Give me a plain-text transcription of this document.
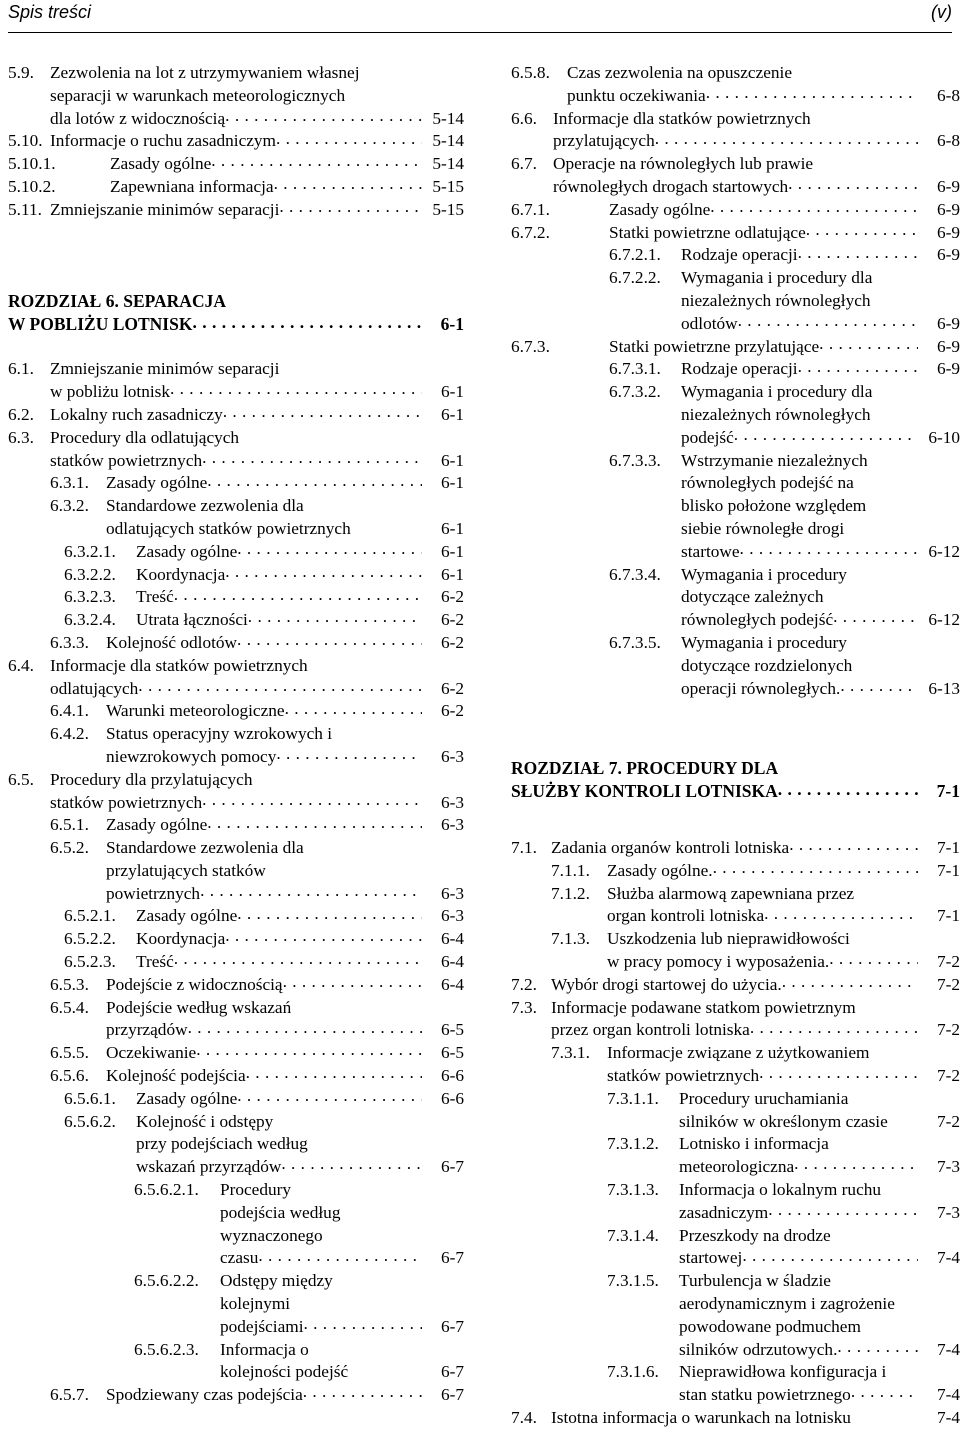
Spis treści	(v)
5.9. Zezwolenia na lot z utrzymywaniem własnej
separacji w warunkach meteorologicznych
dla lotów z widocznością . . .	5-14
5.10. Informacje o ruchu zasadniczym . . .	5-14
5.10.1.	Zasady ogólne . . .	5-14
5.10.2.	Zapewniana informacja . . .	5-15
5.11. Zmniejszanie minimów separacji . . .	5-15
ROZDZIAŁ 6. SEPARACJA
W POBLIŻU LOTNISK . . .	6-1
6.1. Zmniejszanie minimów separacji
w pobliżu lotnisk . . .	6-1
6.2. Lokalny ruch zasadniczy . . .	6-1
6.3. Procedury dla odlatujących
statków powietrznych . . .	6-1
6.3.1. Zasady ogólne . . .	6-1
6.3.2. Standardowe zezwolenia dla
odlatujących statków powietrznych	6-1
6.3.2.1.	Zasady ogólne . . .	6-1
6.3.2.2.	Koordynacja . . .	6-1
6.3.2.3.	Treść . . .	6-2
6.3.2.4.	Utrata łączności . . .	6-2
6.3.3. Kolejność odlotów . . .	6-2
6.4. Informacje dla statków powietrznych
odlatujących . . .	6-2
6.4.1. Warunki meteorologiczne . . .	6-2
6.4.2. Status operacyjny wzrokowych i
niewzrokowych pomocy . . .	6-3
6.5. Procedury dla przylatujących
statków powietrznych . . .	6-3
6.5.1. Zasady ogólne . . .	6-3
6.5.2. Standardowe zezwolenia dla
przylatujących statków
powietrznych . . .	6-3
6.5.2.1.	Zasady ogólne . . .	6-3
6.5.2.2.	Koordynacja . . .	6-4
6.5.2.3.	Treść . . .	6-4
6.5.3. Podejście z widocznością . . .	6-4
6.5.4. Podejście według wskazań
przyrządów . . .	6-5
6.5.5. Oczekiwanie . . .	6-5
6.5.6. Kolejność podejścia . . .	6-6
6.5.6.1.	Zasady ogólne . . .	6-6
6.5.6.2.	Kolejność i odstępy
przy podejściach według
wskazań przyrządów . . .	6-7
6.5.6.2.1.	Procedury
podejścia według
wyznaczonego
czasu . . .	6-7
6.5.6.2.2.	Odstępy między
kolejnymi
podejściami . . .	6-7
6.5.6.2.3.	Informacja o
kolejności podejść	6-7
6.5.7. Spodziewany czas podejścia . . .	6-7
6.5.8. Czas zezwolenia na opuszczenie
punktu oczekiwania . . .	6-8
6.6. Informacje dla statków powietrznych
przylatujących . . .	6-8
6.7. Operacje na równoległych lub prawie
równoległych drogach startowych . . .	6-9
6.7.1.	Zasady ogólne . . .	6-9
6.7.2.	Statki powietrzne odlatujące . . .	6-9
6.7.2.1.	Rodzaje operacji . . .	6-9
6.7.2.2.	Wymagania i procedury dla
niezależnych równoległych
odlotów . . .	6-9
6.7.3.	Statki powietrzne przylatujące . . .	6-9
6.7.3.1.	Rodzaje operacji . . .	6-9
6.7.3.2.	Wymagania i procedury dla
niezależnych równoległych
podejść . . .	6-10
6.7.3.3.	Wstrzymanie niezależnych
równoległych podejść na
blisko położone względem
siebie równoległe drogi
startowe . . .	6-12
6.7.3.4.	Wymagania i procedury
dotyczące zależnych
równoległych podejść . . .	6-12
6.7.3.5.	Wymagania i procedury
dotyczące rozdzielonych
operacji równoległych. . . .	6-13
ROZDZIAŁ 7. PROCEDURY DLA
SŁUŻBY KONTROLI LOTNISKA . . .	7-1
7.1. Zadania organów kontroli lotniska . . .	7-1
7.1.1. Zasady ogólne. . . .	7-1
7.1.2. Służba alarmową zapewniana przez
organ kontroli lotniska . . .	7-1
7.1.3. Uszkodzenia lub nieprawidłowości
w pracy pomocy i wyposażenia. . . .	7-2
7.2. Wybór drogi startowej do użycia. . . .	7-2
7.3. Informacje podawane statkom powietrznym
przez organ kontroli lotniska . . .	7-2
7.3.1. Informacje związane z użytkowaniem
statków powietrznych . . .	7-2
7.3.1.1.	Procedury uruchamiania
silników w określonym czasie	7-2
7.3.1.2.	Lotnisko i informacja
meteorologiczna . . .	7-3
7.3.1.3.	Informacja o lokalnym ruchu
zasadniczym . . .	7-3
7.3.1.4.	Przeszkody na drodze
startowej . . .	7-4
7.3.1.5.	Turbulencja w śladzie
aerodynamicznym i zagrożenie
powodowane podmuchem
silników odrzutowych. . . .	7-4
7.3.1.6.	Nieprawidłowa konfiguracja i
stan statku powietrznego . . .	7-4
7.4. Istotna informacja o warunkach na lotnisku	7-4
